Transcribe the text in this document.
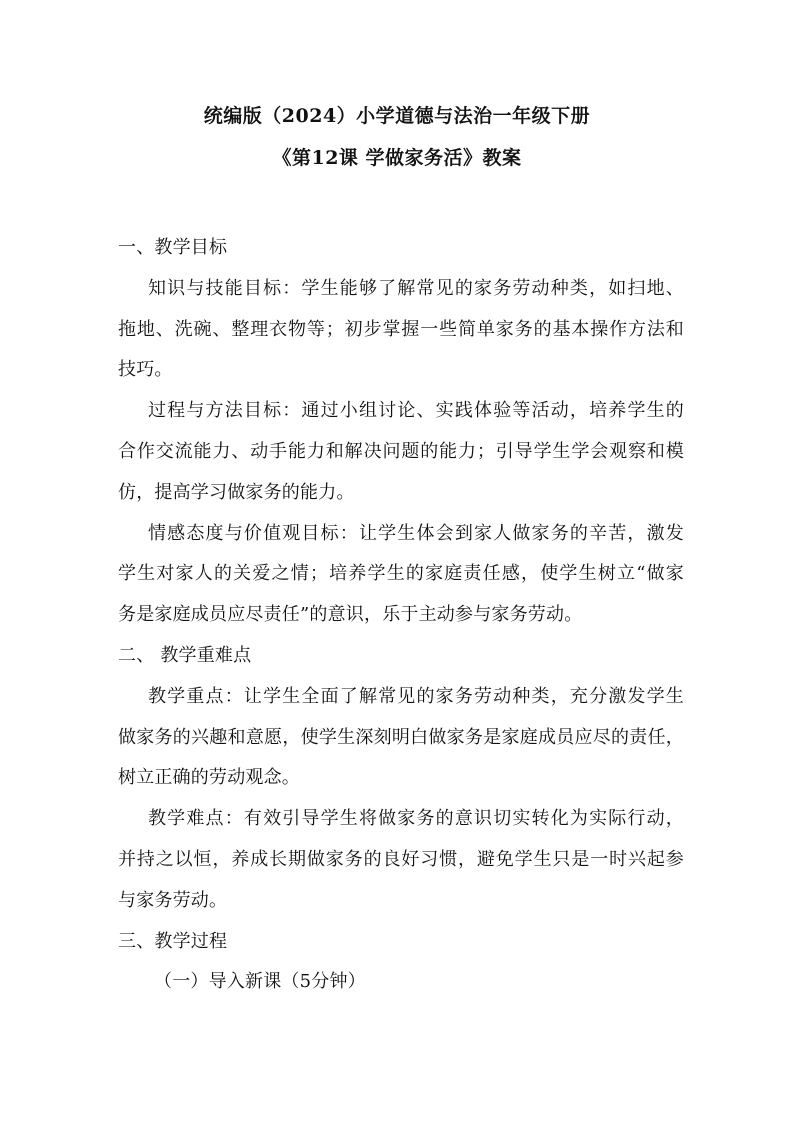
统编版（2024）小学道德与法治一年级下册
《第12课 学做家务活》教案
一、教学目标
知识与技能目标：学生能够了解常见的家务劳动种类，如扫地、
拖地、洗碗、整理衣物等；初步掌握一些简单家务的基本操作方法和
技巧。
过程与方法目标：通过小组讨论、实践体验等活动，培养学生的
合作交流能力、动手能力和解决问题的能力；引导学生学会观察和模
仿，提高学习做家务的能力。
情感态度与价值观目标：让学生体会到家人做家务的辛苦，激发
学生对家人的关爱之情；培养学生的家庭责任感，使学生树立“做家
务是家庭成员应尽责任”的意识，乐于主动参与家务劳动。
二、 教学重难点
教学重点：让学生全面了解常见的家务劳动种类，充分激发学生
做家务的兴趣和意愿，使学生深刻明白做家务是家庭成员应尽的责任，
树立正确的劳动观念。
教学难点：有效引导学生将做家务的意识切实转化为实际行动，
并持之以恒，养成长期做家务的良好习惯，避免学生只是一时兴起参
与家务劳动。
三、教学过程
（一）导入新课（5分钟）
